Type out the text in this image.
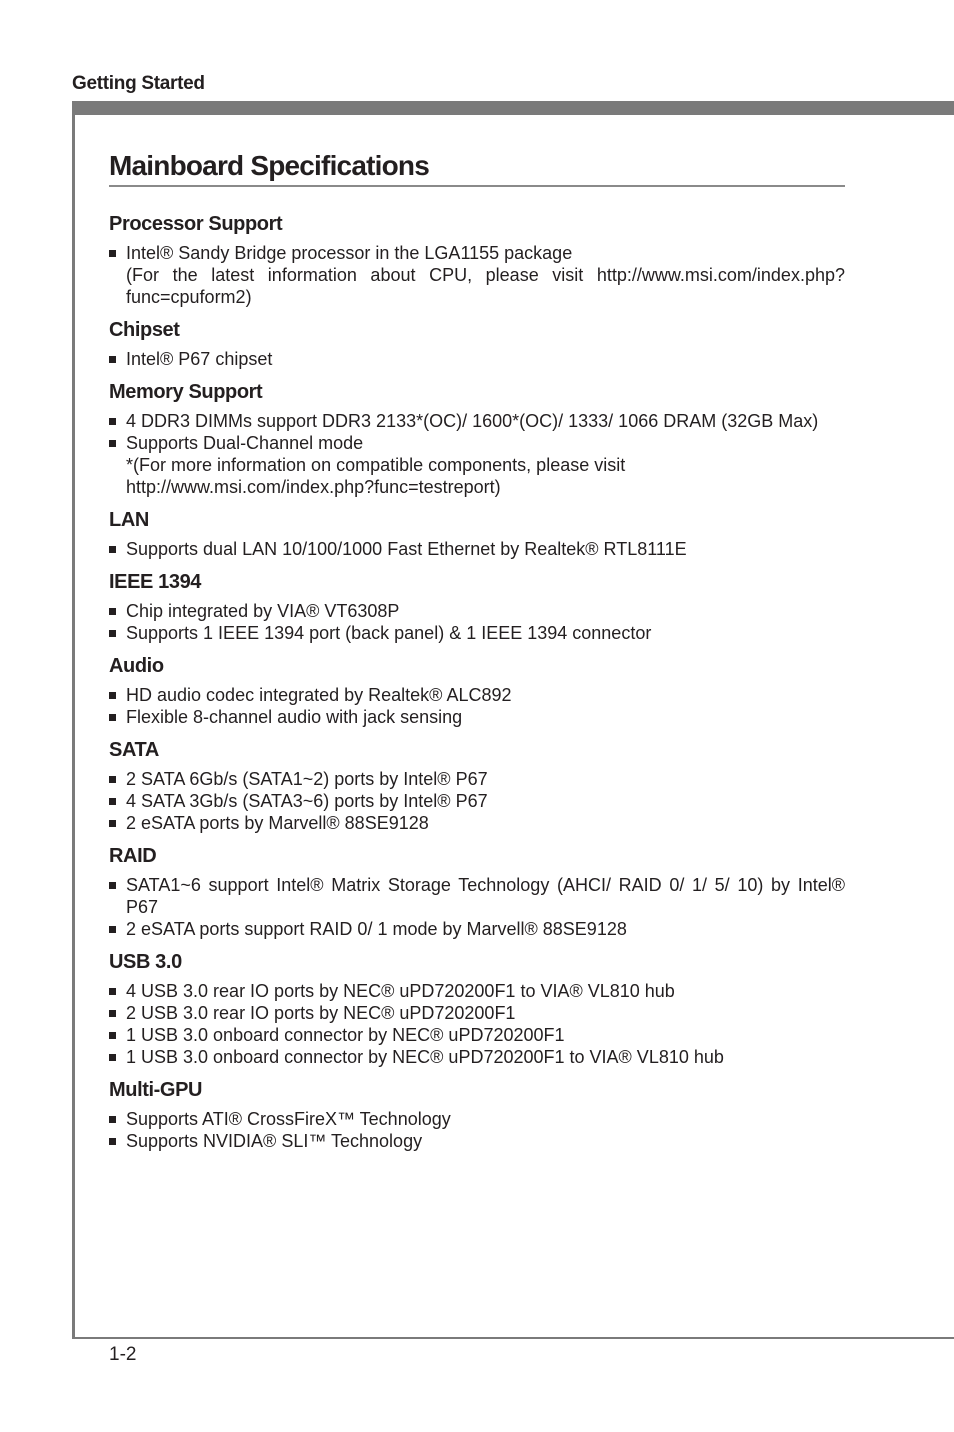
Getting Started
Mainboard Specifications
Processor Support
Intel® Sandy Bridge processor in the LGA1155 package
(For the latest information about CPU, please visit http://www.msi.com/index.php?func=cpuform2)
Chipset
Intel® P67 chipset
Memory Support
4 DDR3 DIMMs support DDR3 2133*(OC)/ 1600*(OC)/ 1333/ 1066 DRAM (32GB Max)
Supports Dual-Channel mode
*(For more information on compatible components, please visit
http://www.msi.com/index.php?func=testreport)
LAN
Supports dual LAN 10/100/1000 Fast Ethernet by Realtek® RTL8111E
IEEE 1394
Chip integrated by VIA® VT6308P
Supports 1 IEEE 1394 port (back panel) & 1 IEEE 1394 connector
Audio
HD audio codec integrated by Realtek® ALC892
Flexible 8-channel audio with jack sensing
SATA
2 SATA 6Gb/s (SATA1~2) ports by Intel® P67
4 SATA 3Gb/s (SATA3~6) ports by Intel® P67
2 eSATA ports by Marvell® 88SE9128
RAID
SATA1~6 support Intel® Matrix Storage Technology (AHCI/ RAID 0/ 1/ 5/ 10) by Intel® P67
2 eSATA ports support RAID 0/ 1 mode by Marvell® 88SE9128
USB 3.0
4 USB 3.0 rear IO ports by NEC® uPD720200F1 to VIA® VL810 hub
2 USB 3.0 rear IO ports by NEC® uPD720200F1
1 USB 3.0 onboard connector by NEC® uPD720200F1
1 USB 3.0 onboard connector by NEC® uPD720200F1 to VIA® VL810 hub
Multi-GPU
Supports ATI® CrossFireX™ Technology
Supports NVIDIA® SLI™ Technology
1-2
